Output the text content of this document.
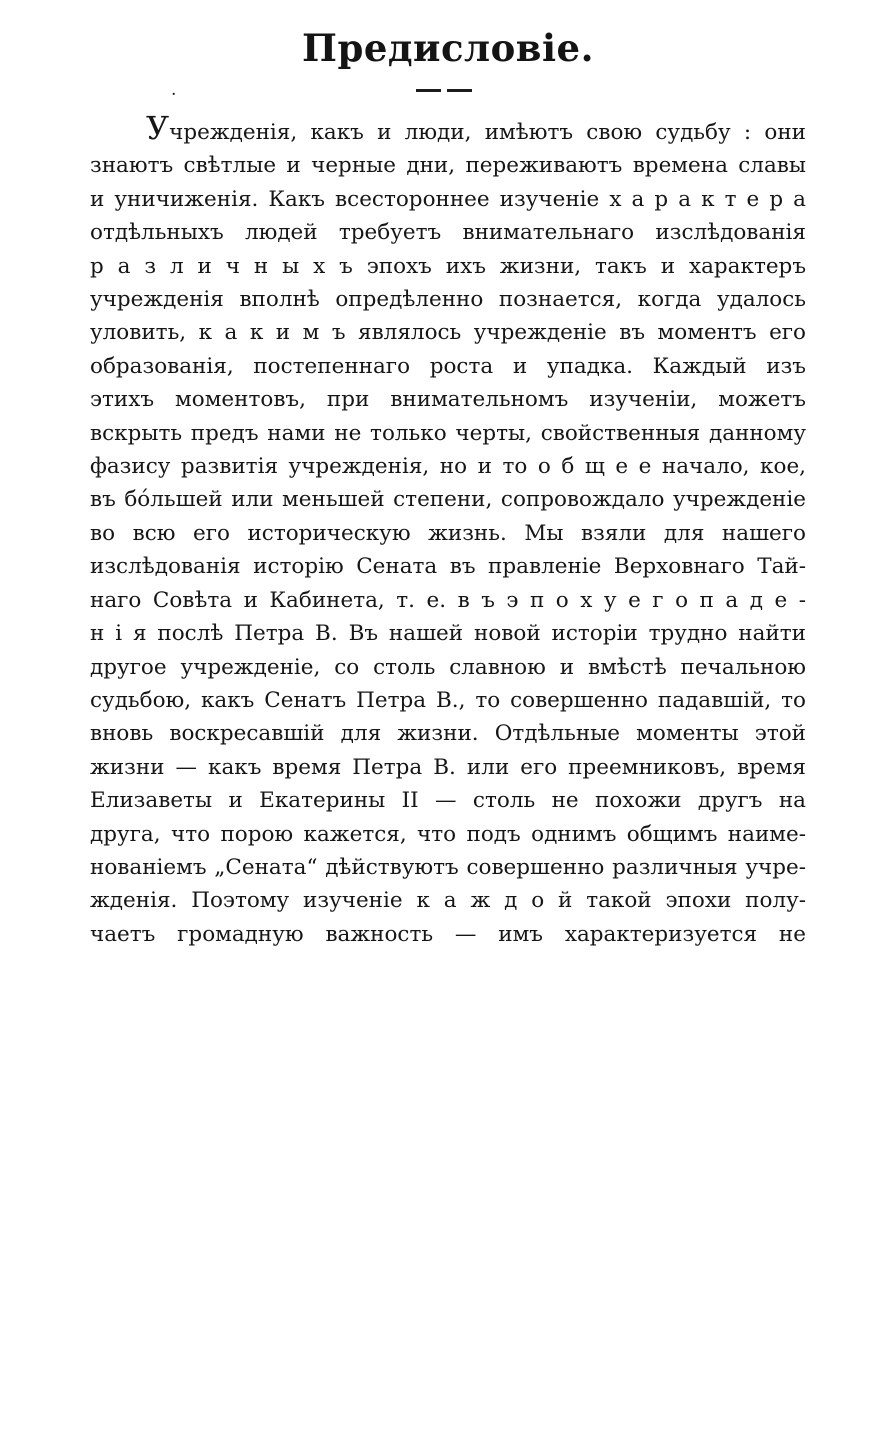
Предисловіе.
.
Учрежденія, какъ и люди, имѣютъ свою судьбу : они
знаютъ свѣтлые и черные дни, переживаютъ времена славы
и уничиженія. Какъ всестороннее изученіе х а р а к т е р а
отдѣльныхъ людей требуетъ внимательнаго изслѣдованія
р а з л и ч н ы х ъ эпохъ ихъ жизни, такъ и характеръ
учрежденія вполнѣ опредѣленно познается, когда удалось
уловить, к а к и м ъ являлось учрежденіе въ моментъ его
образованія, постепеннаго роста и упадка. Каждый изъ
этихъ моментовъ, при внимательномъ изученіи, можетъ
вскрыть предъ нами не только черты, свойственныя данному
фазису развитія учрежденія, но и то о б щ е е начало, кое,
въ бо́льшей или меньшей степени, сопровождало учрежденіе
во всю его историческую жизнь. Мы взяли для нашего
изслѣдованія исторію Сената въ правленіе Верховнаго Тай-
наго Совѣта и Кабинета, т. е. в ъ э п о х у е г о п а д е -
н і я послѣ Петра В. Въ нашей новой исторіи трудно найти
другое учрежденіе, со столь славною и вмѣстѣ печальною
судьбою, какъ Сенатъ Петра В., то совершенно падавшій, то
вновь воскресавшій для жизни. Отдѣльные моменты этой
жизни — какъ время Петра В. или его преемниковъ, время
Елизаветы и Екатерины II — столь не похожи другъ на
друга, что порою кажется, что подъ однимъ общимъ наиме-
нованіемъ „Сената“ дѣйствуютъ совершенно различныя учре-
жденія. Поэтому изученіе к а ж д о й такой эпохи полу-
чаетъ громадную важность — имъ характеризуется не
